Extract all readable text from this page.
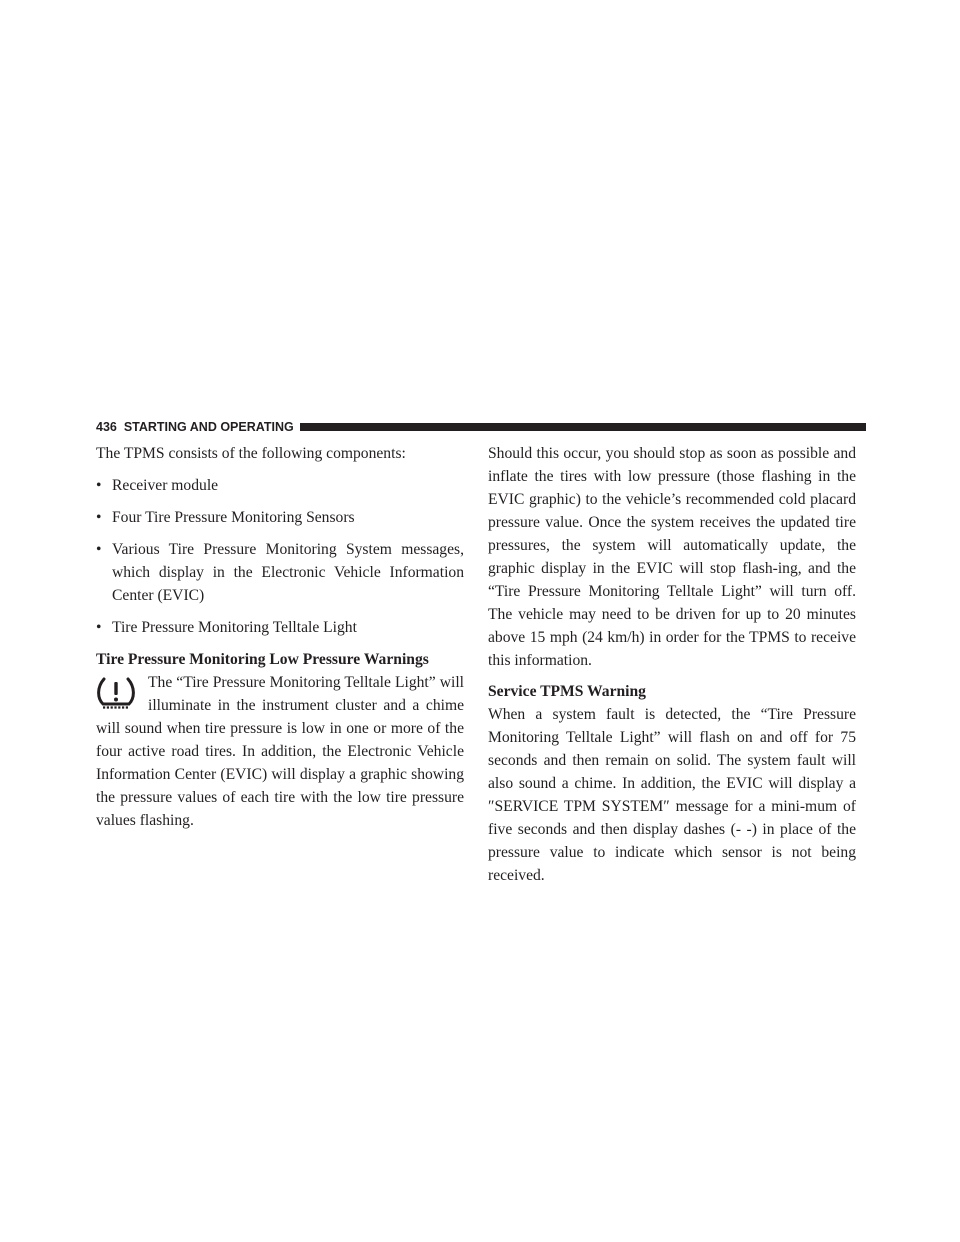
436 STARTING AND OPERATING

The TPMS consists of the following components:

• Receiver module
• Four Tire Pressure Monitoring Sensors
• Various Tire Pressure Monitoring System messages, which display in the Electronic Vehicle Information Center (EVIC)
• Tire Pressure Monitoring Telltale Light
Tire Pressure Monitoring Low Pressure Warnings

The “Tire Pressure Monitoring Telltale Light” will illuminate in the instrument cluster and a chime will sound when tire pressure is low in one or more of the four active road tires. In addition, the Electronic Vehicle Information Center (EVIC) will display a graphic showing the pressure values of each tire with the low tire pressure values flashing.

Should this occur, you should stop as soon as possible and inflate the tires with low pressure (those flashing in the EVIC graphic) to the vehicle’s recommended cold placard pressure value. Once the system receives the updated tire pressures, the system will automatically update, the graphic display in the EVIC will stop flash-ing, and the “Tire Pressure Monitoring Telltale Light” will turn off. The vehicle may need to be driven for up to 20 minutes above 15 mph (24 km/h) in order for the TPMS to receive this information.

Service TPMS Warning

When a system fault is detected, the “Tire Pressure Monitoring Telltale Light” will flash on and off for 75 seconds and then remain on solid. The system fault will also sound a chime. In addition, the EVIC will display a ″SERVICE TPM SYSTEM″ message for a mini-mum of five seconds and then display dashes (- -) in place of the pressure value to indicate which sensor is not being received.
